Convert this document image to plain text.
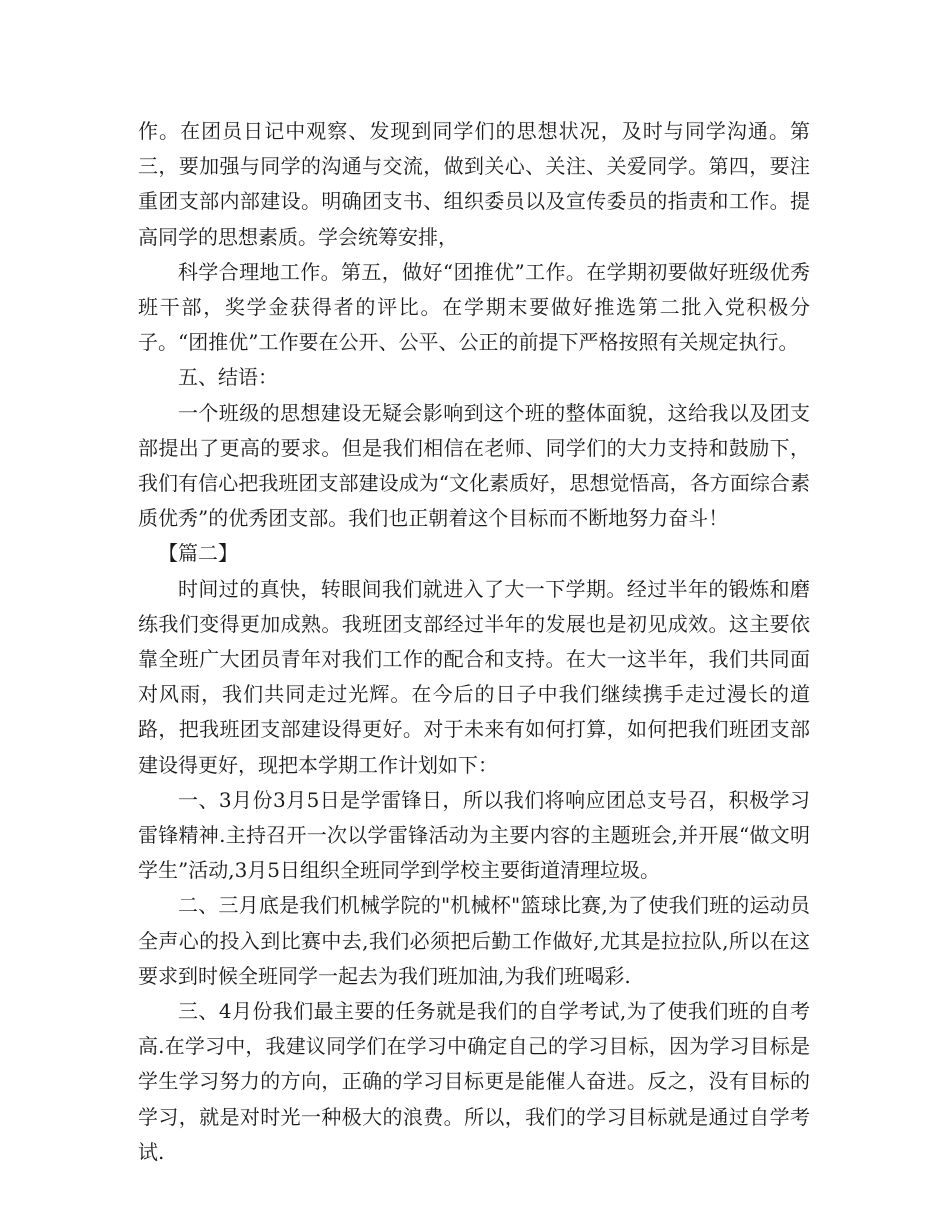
作。在团员日记中观察、发现到同学们的思想状况，及时与同学沟通。第三，要加强与同学的沟通与交流，做到关心、关注、关爱同学。第四，要注重团支部内部建设。明确团支书、组织委员以及宣传委员的指责和工作。提高同学的思想素质。学会统筹安排，

科学合理地工作。第五，做好“团推优”工作。在学期初要做好班级优秀班干部，奖学金获得者的评比。在学期末要做好推选第二批入党积极分子。“团推优”工作要在公开、公平、公正的前提下严格按照有关规定执行。

五、结语：

一个班级的思想建设无疑会影响到这个班的整体面貌，这给我以及团支部提出了更高的要求。但是我们相信在老师、同学们的大力支持和鼓励下，我们有信心把我班团支部建设成为“文化素质好，思想觉悟高，各方面综合素质优秀”的优秀团支部。我们也正朝着这个目标而不断地努力奋斗！

【篇二】

时间过的真快，转眼间我们就进入了大一下学期。经过半年的锻炼和磨练我们变得更加成熟。我班团支部经过半年的发展也是初见成效。这主要依靠全班广大团员青年对我们工作的配合和支持。在大一这半年，我们共同面对风雨，我们共同走过光辉。在今后的日子中我们继续携手走过漫长的道路，把我班团支部建设得更好。对于未来有如何打算，如何把我们班团支部建设得更好，现把本学期工作计划如下：

一、3月份3月5日是学雷锋日，所以我们将响应团总支号召，积极学习雷锋精神.主持召开一次以学雷锋活动为主要内容的主题班会,并开展“做文明学生”活动,3月5日组织全班同学到学校主要街道清理垃圾。

二、三月底是我们机械学院的"机械杯"篮球比赛,为了使我们班的运动员全声心的投入到比赛中去,我们必须把后勤工作做好,尤其是拉拉队,所以在这要求到时候全班同学一起去为我们班加油,为我们班喝彩.

三、4月份我们最主要的任务就是我们的自学考试,为了使我们班的自考高.在学习中，我建议同学们在学习中确定自己的学习目标，因为学习目标是学生学习努力的方向，正确的学习目标更是能催人奋进。反之，没有目标的学习，就是对时光一种极大的浪费。所以，我们的学习目标就是通过自学考试.
